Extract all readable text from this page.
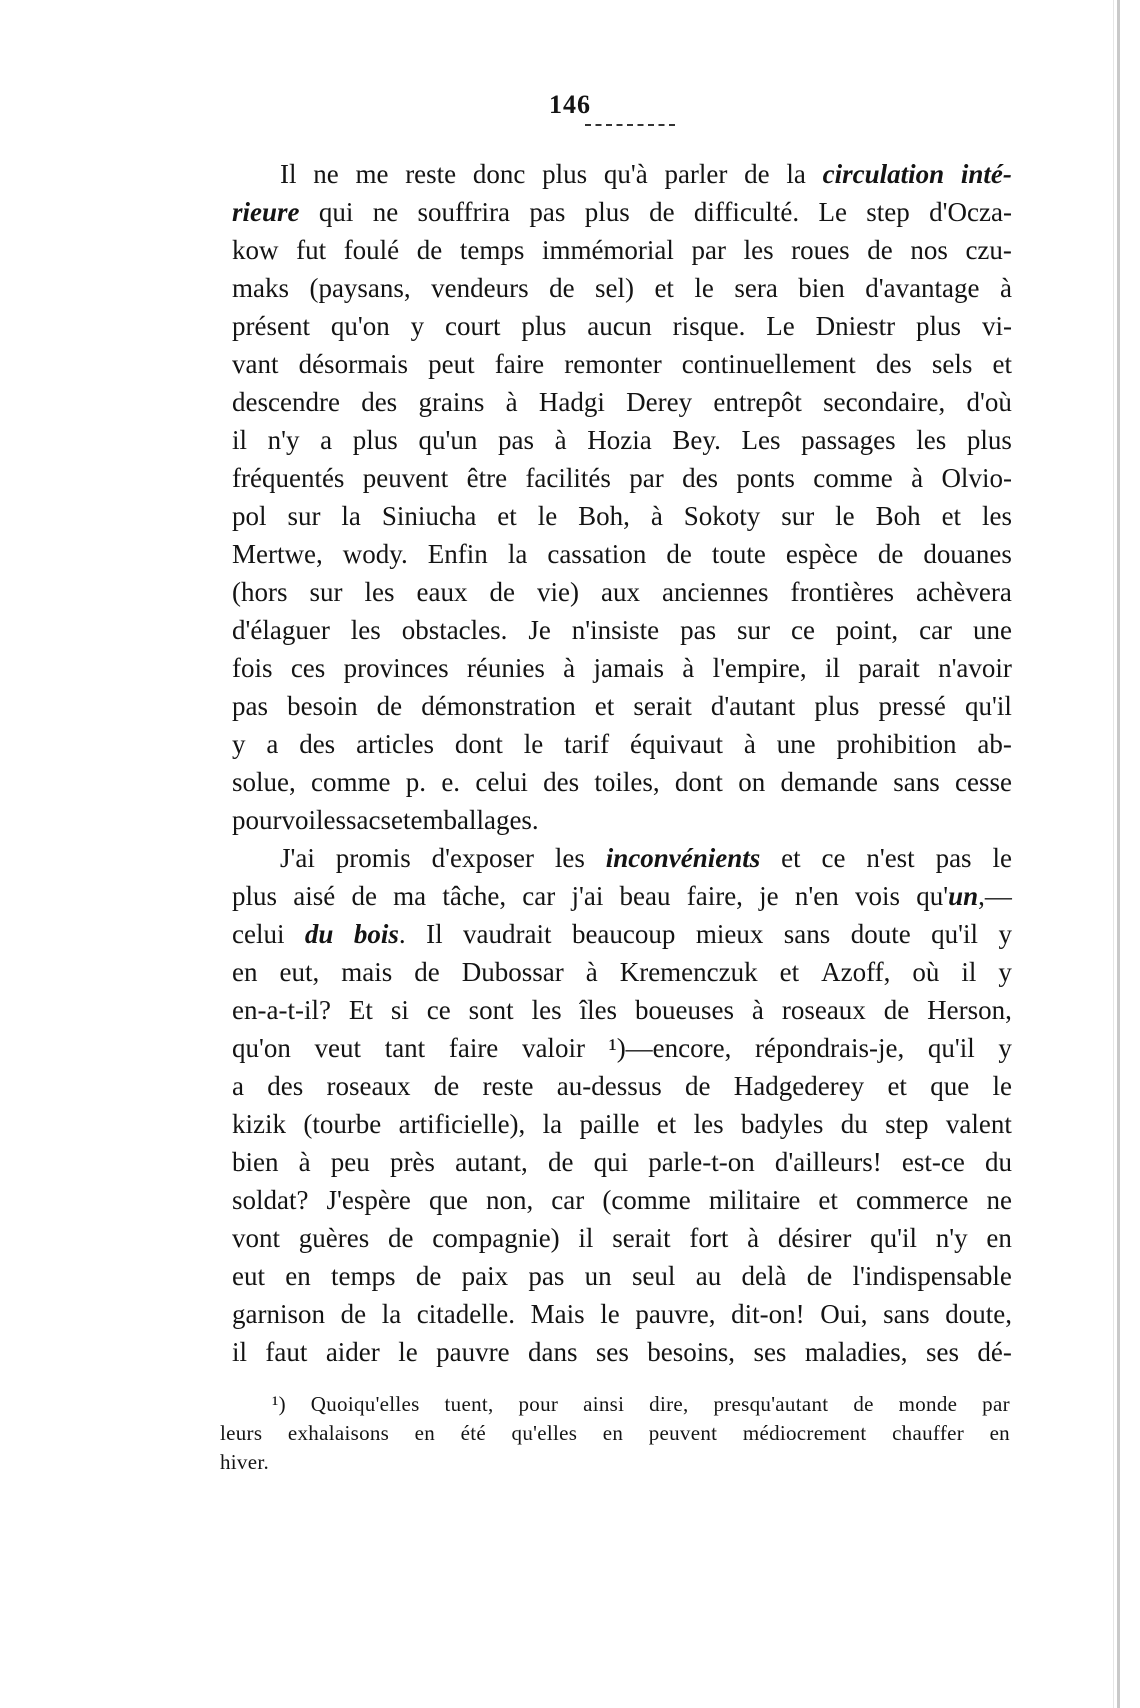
146
Il ne me reste donc plus qu'à parler de la circulation inté-
rieure qui ne souffrira pas plus de difficulté. Le step d'Ocza-
kow fut foulé de temps immémorial par les roues de nos czu-
maks (paysans, vendeurs de sel) et le sera bien d'avantage à
présent qu'on y court plus aucun risque. Le Dniestr plus vi-
vant désormais peut faire remonter continuellement des sels et
descendre des grains à Hadgi Derey entrepôt secondaire, d'où
il n'y a plus qu'un pas à Hozia Bey. Les passages les plus
fréquentés peuvent être facilités par des ponts comme à Olvio-
pol sur la Siniucha et le Boh, à Sokoty sur le Boh et les
Mertwe, wody. Enfin la cassation de toute espèce de douanes
(hors sur les eaux de vie) aux anciennes frontières achèvera
d'élaguer les obstacles. Je n'insiste pas sur ce point, car une
fois ces provinces réunies à jamais à l'empire, il parait n'avoir
pas besoin de démonstration et serait d'autant plus pressé qu'il
y a des articles dont le tarif équivaut à une prohibition ab-
solue, comme p. e. celui des toiles, dont on demande sans cesse
pour voiles sacs et emballages.
J'ai promis d'exposer les inconvénients et ce n'est pas le
plus aisé de ma tâche, car j'ai beau faire, je n'en vois qu'un,—
celui du bois. Il vaudrait beaucoup mieux sans doute qu'il y
en eut, mais de Dubossar à Kremenczuk et Azoff, où il y
en-a-t-il? Et si ce sont les îles boueuses à roseaux de Herson,
qu'on veut tant faire valoir ¹)—encore, répondrais-je, qu'il y
a des roseaux de reste au-dessus de Hadgederey et que le
kizik (tourbe artificielle), la paille et les badyles du step valent
bien à peu près autant, de qui parle-t-on d'ailleurs! est-ce du
soldat? J'espère que non, car (comme militaire et commerce ne
vont guères de compagnie) il serait fort à désirer qu'il n'y en
eut en temps de paix pas un seul au delà de l'indispensable
garnison de la citadelle. Mais le pauvre, dit-on! Oui, sans doute,
il faut aider le pauvre dans ses besoins, ses maladies, ses dé-
¹) Quoiqu'elles tuent, pour ainsi dire, presqu'autant de monde par
leurs exhalaisons en été qu'elles en peuvent médiocrement chauffer en
hiver.
